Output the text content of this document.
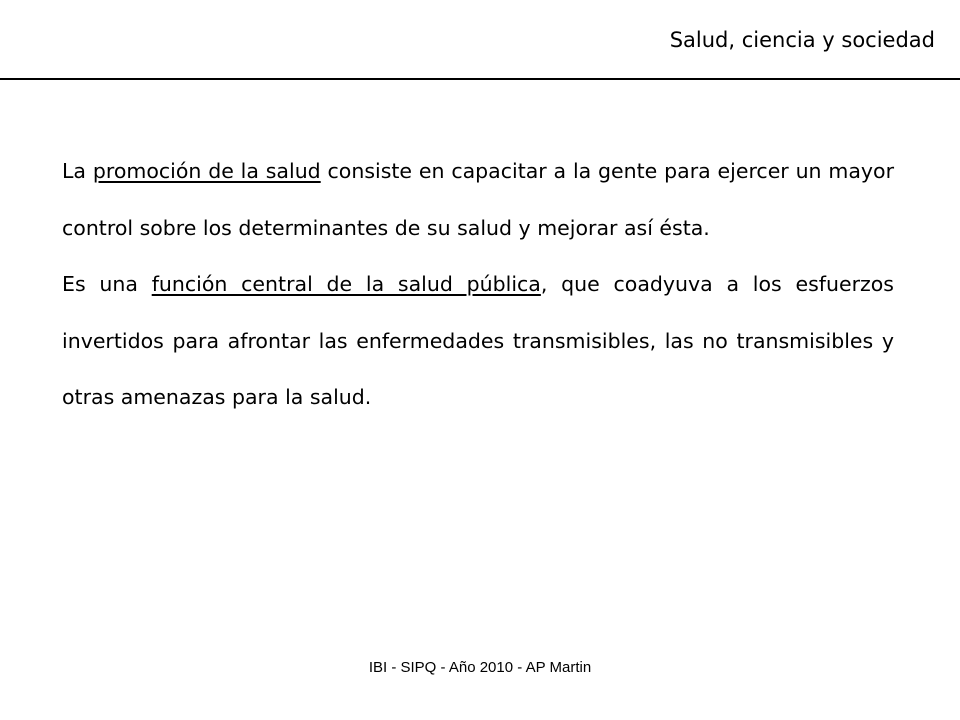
Salud, ciencia y sociedad

La promoción de la salud consiste en capacitar a la gente para ejercer un mayor control sobre los determinantes de su salud y mejorar así ésta.

Es una función central de la salud pública, que coadyuva a los esfuerzos invertidos para afrontar las enfermedades transmisibles, las no transmisibles y otras amenazas para la salud.

IBI - SIPQ - Año 2010 - AP Martin
